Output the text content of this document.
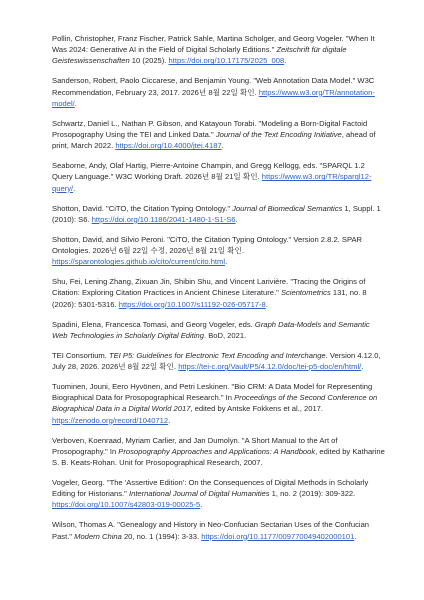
Pollin, Christopher, Franz Fischer, Patrick Sahle, Martina Scholger, and Georg Vogeler. "When It Was 2024: Generative AI in the Field of Digital Scholarly Editions." Zeitschrift für digitale Geisteswissenschaften 10 (2025). https://doi.org/10.17175/2025_008.

Sanderson, Robert, Paolo Ciccarese, and Benjamin Young. "Web Annotation Data Model." W3C Recommendation, February 23, 2017. 2026년 8월 22일 확인. https://www.w3.org/TR/annotation-model/.

Schwartz, Daniel L., Nathan P. Gibson, and Katayoun Torabi. "Modeling a Born-Digital Factoid Prosopography Using the TEI and Linked Data." Journal of the Text Encoding Initiative, ahead of print, March 2022. https://doi.org/10.4000/jtei.4187.

Seaborne, Andy, Olaf Hartig, Pierre-Antoine Champin, and Gregg Kellogg, eds. "SPARQL 1.2 Query Language." W3C Working Draft. 2026년 8월 21일 확인. https://www.w3.org/TR/sparql12-query/.

Shotton, David. "CiTO, the Citation Typing Ontology." Journal of Biomedical Semantics 1, Suppl. 1 (2010): S6. https://doi.org/10.1186/2041-1480-1-S1-S6.

Shotton, David, and Silvio Peroni. "CiTO, the Citation Typing Ontology." Version 2.8.2. SPAR Ontologies. 2026년 6월 22일 수정, 2026년 8월 21일 확인. https://sparontologies.github.io/cito/current/cito.html.

Shu, Fei, Lening Zhang, Zixuan Jin, Shibin Shu, and Vincent Larivière. "Tracing the Origins of Citation: Exploring Citation Practices in Ancient Chinese Literature." Scientometrics 131, no. 8 (2026): 5301-5316. https://doi.org/10.1007/s11192-026-05717-8.

Spadini, Elena, Francesca Tomasi, and Georg Vogeler, eds. Graph Data-Models and Semantic Web Technologies in Scholarly Digital Editing. BoD, 2021.

TEI Consortium. TEI P5: Guidelines for Electronic Text Encoding and Interchange. Version 4.12.0, July 28, 2026. 2026년 8월 22일 확인. https://tei-c.org/Vault/P5/4.12.0/doc/tei-p5-doc/en/html/.

Tuominen, Jouni, Eero Hyvönen, and Petri Leskinen. "Bio CRM: A Data Model for Representing Biographical Data for Prosopographical Research." In Proceedings of the Second Conference on Biographical Data in a Digital World 2017, edited by Antske Fokkens et al., 2017. https://zenodo.org/record/1040712.

Verboven, Koenraad, Myriam Carlier, and Jan Dumolyn. "A Short Manual to the Art of Prosopography." In Prosopography Approaches and Applications: A Handbook, edited by Katharine S. B. Keats-Rohan. Unit for Prosopographical Research, 2007.

Vogeler, Georg. "The 'Assertive Edition': On the Consequences of Digital Methods in Scholarly Editing for Historians." International Journal of Digital Humanities 1, no. 2 (2019): 309-322. https://doi.org/10.1007/s42803-019-00025-5.

Wilson, Thomas A. "Genealogy and History in Neo-Confucian Sectarian Uses of the Confucian Past." Modern China 20, no. 1 (1994): 3-33. https://doi.org/10.1177/009770049402000101.
